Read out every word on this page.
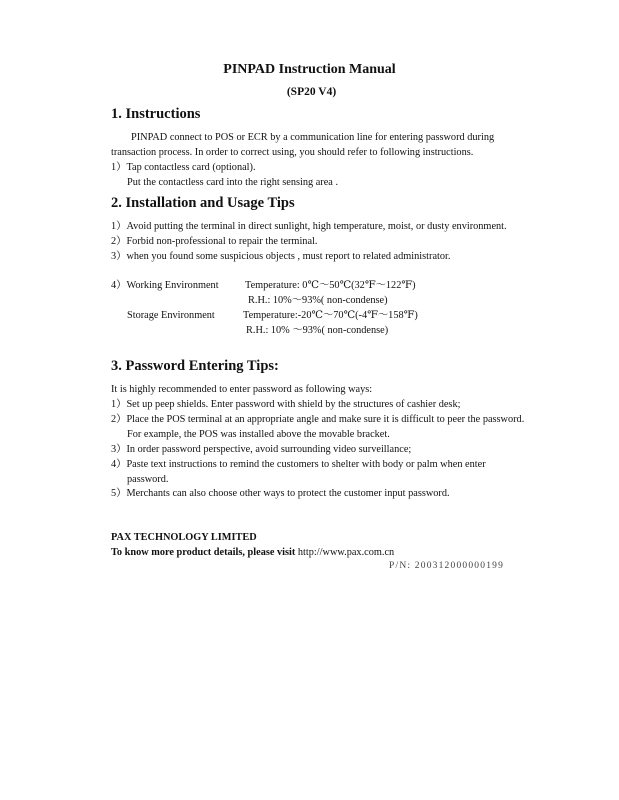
PINPAD Instruction Manual
(SP20 V4)
1. Instructions
PINPAD connect to POS or ECR by a communication line for entering password during
transaction process. In order to correct using, you should refer to following instructions.
1）Tap contactless card (optional).
Put the contactless card into the right sensing area .
2. Installation and Usage Tips
1）Avoid putting the terminal in direct sunlight, high temperature, moist, or dusty environment.
2）Forbid non-professional to repair the terminal.
3）when you found some suspicious objects , must report to related administrator.
4）Working Environment	Temperature: 0℃～50℃(32℉～122℉)
R.H.: 10%～93%( non-condense)
Storage Environment	Temperature:-20℃～70℃(-4℉～158℉)
R.H.: 10% ～93%( non-condense)
3. Password Entering Tips:
It is highly recommended to enter password as following ways:
1）Set up peep shields. Enter password with shield by the structures of cashier desk;
2）Place the POS terminal at an appropriate angle and make sure it is difficult to peer the password.
For example, the POS was installed above the movable bracket.
3）In order password perspective, avoid surrounding video surveillance;
4）Paste text instructions to remind the customers to shelter with body or palm when enter
password.
5）Merchants can also choose other ways to protect the customer input password.
PAX TECHNOLOGY LIMITED
To know more product details, please visit http://www.pax.com.cn
P/N: 200312000000199
